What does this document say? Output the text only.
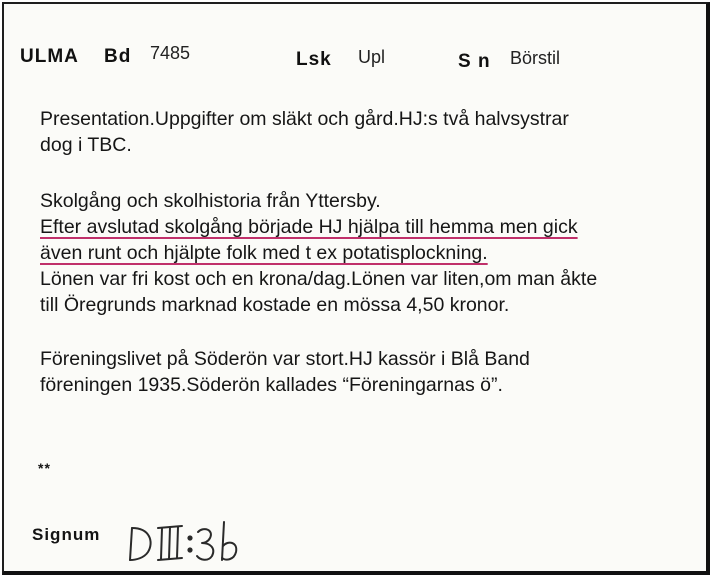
ULMA Bd 7485	Lsk Upl	S n Börstil
Presentation.Uppgifter om släkt och gård.HJ:s två halvsystrar
dog i TBC.
Skolgång och skolhistoria från Yttersby.
Efter avslutad skolgång började HJ hjälpa till hemma men gick
även runt och hjälpte folk med t ex potatisplockning.
Lönen var fri kost och en krona/dag.Lönen var liten,om man åkte
till Öregrunds marknad kostade en mössa 4,50 kronor.
Föreningslivet på Söderön var stort.HJ kassör i Blå Band
föreningen 1935.Söderön kallades “Föreningarnas ö”.
**
Signum
